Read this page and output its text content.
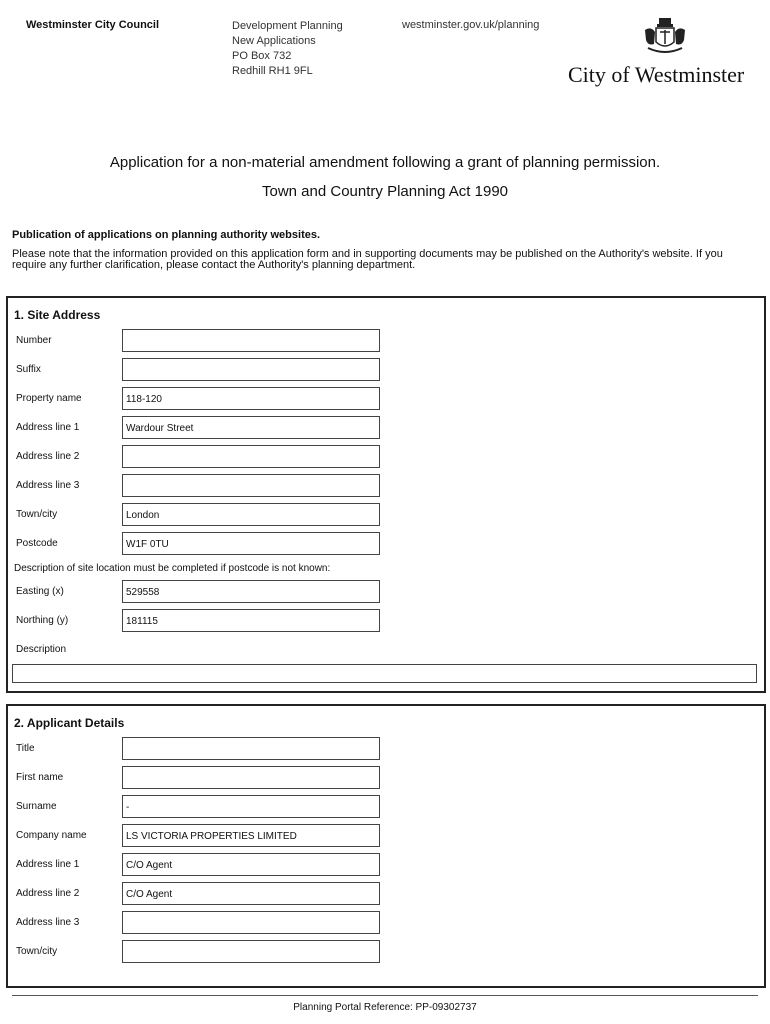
Westminster City Council	Development Planning
New Applications
PO Box 732
Redhill RH1 9FL
westminster.gov.uk/planning
City of Westminster
Application for a non-material amendment following a grant of planning permission.
Town and Country Planning Act 1990
Publication of applications on planning authority websites.
Please note that the information provided on this application form and in supporting documents may be published on the Authority's website. If you require any further clarification, please contact the Authority's planning department.
1. Site Address
Number
Suffix
Property name	118-120
Address line 1	Wardour Street
Address line 2
Address line 3
Town/city	London
Postcode	W1F 0TU
Description of site location must be completed if postcode is not known:
Easting (x)	529558
Northing (y)	181115
Description
2. Applicant Details
Title
First name
Surname	-
Company name	LS VICTORIA PROPERTIES LIMITED
Address line 1	C/O Agent
Address line 2	C/O Agent
Address line 3
Town/city
Planning Portal Reference: PP-09302737
